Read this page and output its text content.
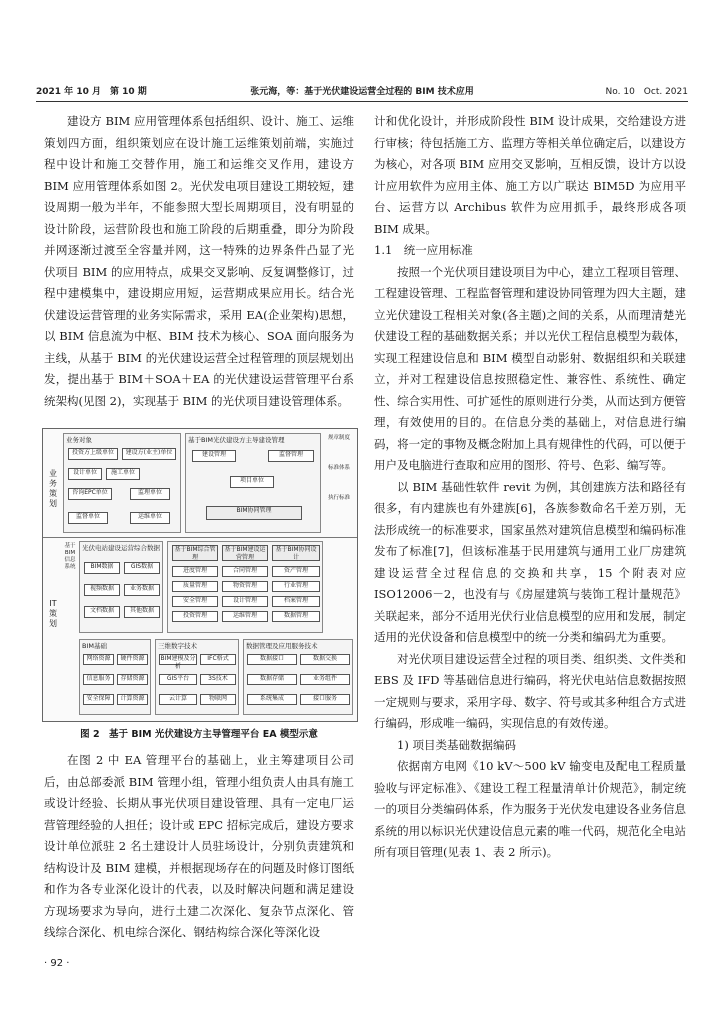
2021 年 10 月　第 10 期	张元海，等：基于光伏建设运营全过程的 BIM 技术应用	No. 10　Oct. 2021

建设方 BIM 应用管理体系包括组织、设计、施工、运维策划四方面，组织策划应在设计施工运维策划前端，实施过程中设计和施工交替作用，施工和运维交叉作用，建设方 BIM 应用管理体系如图 2。光伏发电项目建设工期较短，建设周期一般为半年，不能参照大型长周期项目，没有明显的设计阶段，运营阶段也和施工阶段的后期重叠，即分为阶段并网逐渐过渡至全容量并网，这一特殊的边界条件凸显了光伏项目 BIM 的应用特点，成果交叉影响、反复调整修订，过程中建模集中，建设期应用短，运营期成果应用长。结合光伏建设运营管理的业务实际需求，采用 EA(企业架构)思想，以 BIM 信息流为中枢、BIM 技术为核心、SOA 面向服务为主线，从基于 BIM 的光伏建设运营全过程管理的顶层规划出发，提出基于 BIM＋SOA＋EA 的光伏建设运营管理平台系统架构(见图 2)，实现基于 BIM 的光伏项目建设管理体系。

业务策划
IT策划
业务对象
投资方上级单位	建设方(业主)单位
设计单位	施工单位
咨询EPC单位	监理单位
监督单位	运维单位
基于BIM光伏建设方主导建设管理
建设管理	监督管理
项目单位
BIM协同管理
规章制度
标准体系
执行标准
基于 BIM 信息系统
光伏电站建设运营综合数据
BIM数据	GIS数据
视频数据	业务数据
文档数据	其他数据
基于BIM综合管理
基于BIM建设运营管理
基于BIM协同设计
进度管理
质量管理
安全管理
投资管理
合同管理
物资管理
设计管理
运维管理
资产管理
行业管理
档案管理
数据管理
BIM基础
网络资源	硬件资源
信息服务	存储资源
安全保障	计算资源
三维数字技术
BIM建模及分析
IFC格式
GIS平台	3S技术
云计算	物联网
数据管理及应用服务技术
数据接口	数据交换
数据存储	业务组件
系统集成	接口服务
图 2　基于 BIM 光伏建设方主导管理平台 EA 模型示意

在图 2 中 EA 管理平台的基础上，业主筹建项目公司后，由总部委派 BIM 管理小组，管理小组负责人由具有施工或设计经验、长期从事光伏项目建设管理、具有一定电厂运营管理经验的人担任；设计或 EPC 招标完成后，建设方要求设计单位派驻 2 名土建设计人员驻场设计，分别负责建筑和结构设计及 BIM 建模，并根据现场存在的问题及时修订图纸和作为各专业深化设计的代表，以及时解决问题和满足建设方现场要求为导向，进行土建二次深化、复杂节点深化、管线综合深化、机电综合深化、钢结构综合深化等深化设

· 92 ·

计和优化设计，并形成阶段性 BIM 设计成果，交给建设方进行审核；待包括施工方、监理方等相关单位确定后，以建设方为核心，对各项 BIM 应用交叉影响，互相反馈，设计方以设计应用软件为应用主体、施工方以广联达 BIM5D 为应用平台、运营方以 Archibus 软件为应用抓手，最终形成各项 BIM 成果。

1.1　统一应用标准

按照一个光伏项目建设项目为中心，建立工程项目管理、工程建设管理、工程监督管理和建设协同管理为四大主题，建立光伏建设工程相关对象(各主题)之间的关系，从而理清楚光伏建设工程的基础数据关系；并以光伏工程信息模型为载体，实现工程建设信息和 BIM 模型自动影射、数据组织和关联建立，并对工程建设信息按照稳定性、兼容性、系统性、确定性、综合实用性、可扩延性的原则进行分类，从而达到方便管理，有效使用的目的。在信息分类的基础上，对信息进行编码，将一定的事物及概念附加上具有规律性的代码，可以便于用户及电脑进行查取和应用的图形、符号、色彩、编写等。

以 BIM 基础性软件 revit 为例，其创建族方法和路径有很多，有内建族也有外建族[6]，各族参数命名千差万别，无法形成统一的标准要求，国家虽然对建筑信息模型和编码标准发布了标准[7]，但该标准基于民用建筑与通用工业厂房建筑建设运营全过程信息的交换和共享，15 个附表对应 ISO12006－2，也没有与《房屋建筑与装饰工程计量规范》关联起来，部分不适用光伏行业信息模型的应用和发展，制定适用的光伏设备和信息模型中的统一分类和编码尤为重要。

对光伏项目建设运营全过程的项目类、组织类、文件类和 EBS 及 IFD 等基础信息进行编码，将光伏电站信息数据按照一定规则与要求，采用字母、数字、符号或其多种组合方式进行编码，形成唯一编码，实现信息的有效传递。

1) 项目类基础数据编码

依据南方电网《10 kV～500 kV 输变电及配电工程质量验收与评定标准》、《建设工程工程量清单计价规范》，制定统一的项目分类编码体系，作为服务于光伏发电建设各业务信息系统的用以标识光伏建设信息元素的唯一代码，规范化全电站所有项目管理(见表 1、表 2 所示)。
